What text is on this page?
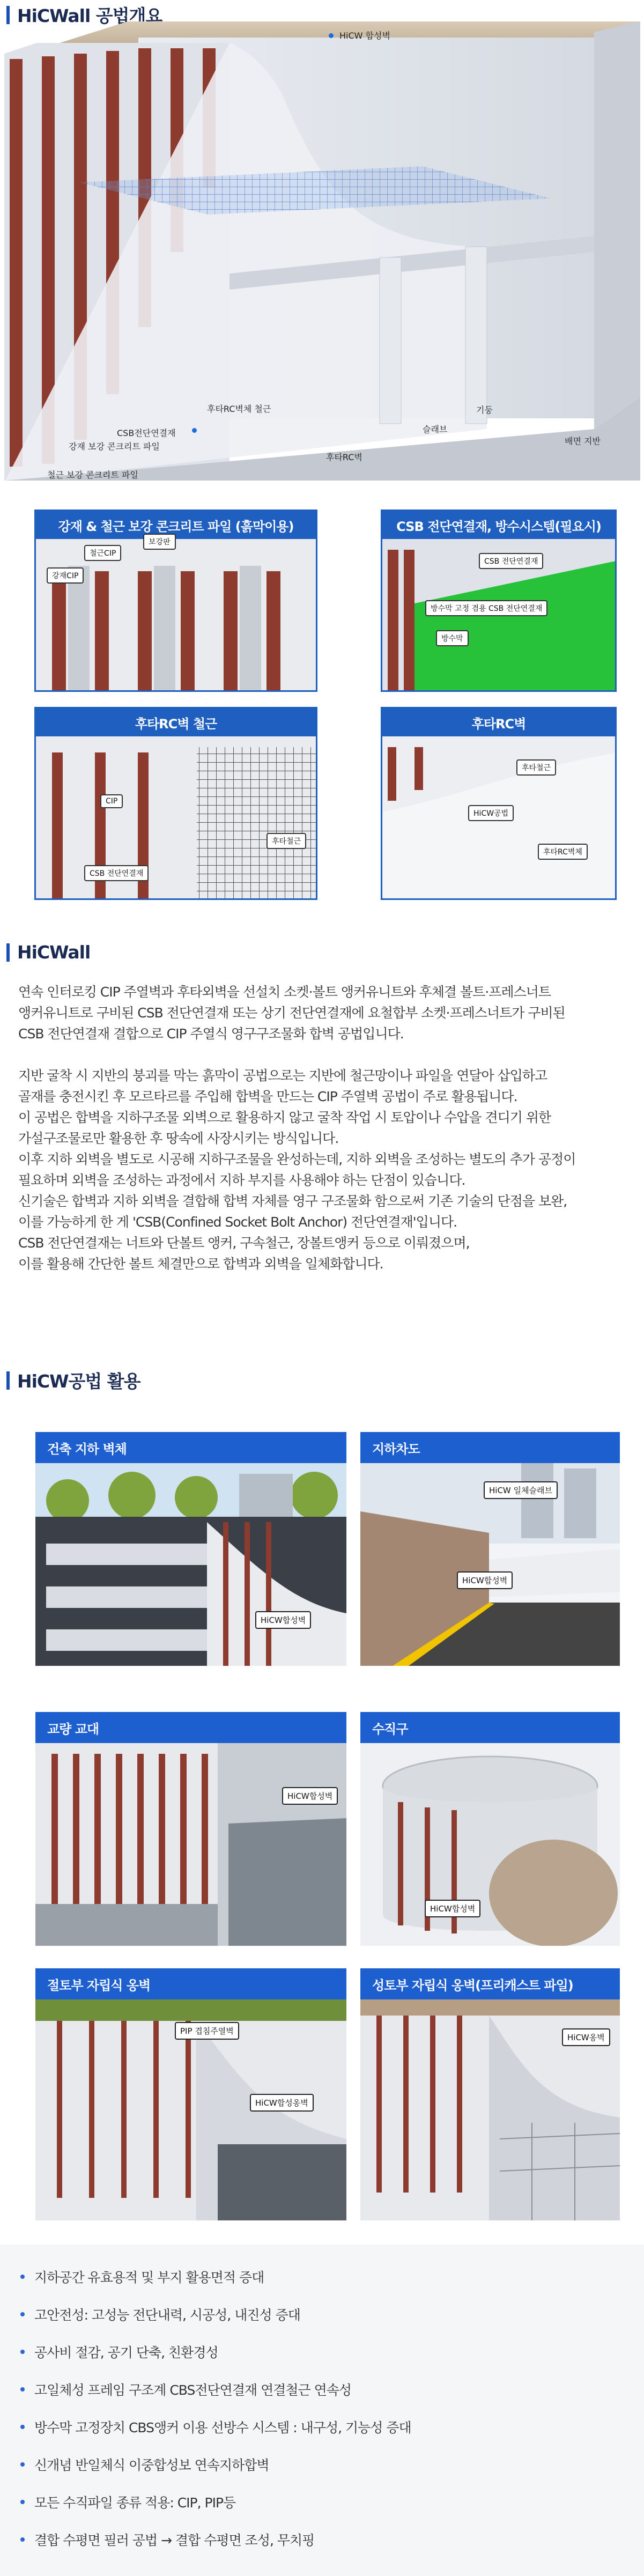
HiCWall 공법개요
HiCW 합성벽
후타RC벽체 철근
CSB전단연결재
강재 보강 콘크리트 파일
철근 보강 콘크리트 파일
후타RC벽
슬래브
기둥
배면 지반
강재 & 철근 보강 콘크리트 파일 (흙막이용)
철근CIP
보강판
강재CIP
CSB 전단연결재, 방수시스템(필요시)
CSB 전단연결재
방수막 고정 겸용 CSB 전단연결재
방수막
후타RC벽 철근
CIP
후타철근
CSB 전단연결재
후타RC벽
후타철근
HiCW공법
후타RC벽체
HiCWall
연속 인터로킹 CIP 주열벽과 후타외벽을 선설치 소켓·볼트 앵커유니트와 후체결 볼트·프레스너트
앵커유니트로 구비된 CSB 전단연결재 또는 상기 전단연결재에 요철합부 소켓·프레스너트가 구비된
CSB 전단연결재 결합으로 CIP 주열식 영구구조물화 합벽 공법입니다.
지반 굴착 시 지반의 붕괴를 막는 흙막이 공법으로는 지반에 철근망이나 파일을 연달아 삽입하고
골재를 충전시킨 후 모르타르를 주입해 합벽을 만드는 CIP 주열벽 공법이 주로 활용됩니다.
이 공법은 합벽을 지하구조물 외벽으로 활용하지 않고 굴착 작업 시 토압이나 수압을 견디기 위한
가설구조물로만 활용한 후 땅속에 사장시키는 방식입니다.
이후 지하 외벽을 별도로 시공해 지하구조물을 완성하는데, 지하 외벽을 조성하는 별도의 추가 공정이
필요하며 외벽을 조성하는 과정에서 지하 부지를 사용해야 하는 단점이 있습니다.
신기술은 합벽과 지하 외벽을 결합해 합벽 자체를 영구 구조물화 함으로써 기존 기술의 단점을 보완,
이를 가능하게 한 게 'CSB(Confined Socket Bolt Anchor) 전단연결재'입니다.
CSB 전단연결재는 너트와 단볼트 앵커, 구속철근, 장볼트앵커 등으로 이뤄졌으며,
이를 활용해 간단한 볼트 체결만으로 합벽과 외벽을 일체화합니다.
HiCW공법 활용
건축 지하 벽체
HiCW합성벽
지하차도
HiCW 일체슬래브
HiCW합성벽
교량 교대
HiCW합성벽
수직구
HiCW합성벽
절토부 자립식 옹벽
PIP 겹침주열벽
HiCW합성옹벽
성토부 자립식 옹벽(프리캐스트 파일)
HiCW옹벽
지하공간 유효용적 및 부지 활용면적 증대
고안전성: 고성능 전단내력, 시공성, 내진성 증대
공사비 절감, 공기 단축, 친환경성
고일체성 프레임 구조계 CBS전단연결재 연결철근 연속성
방수막 고정장치 CBS앵커 이용 선방수 시스템 : 내구성, 기능성 증대
신개념 반일체식 이중합성보 연속지하합벽
모든 수직파일 종류 적용: CIP, PIP등
결합 수평면 필러 공법 → 결합 수평면 조성, 무치핑
